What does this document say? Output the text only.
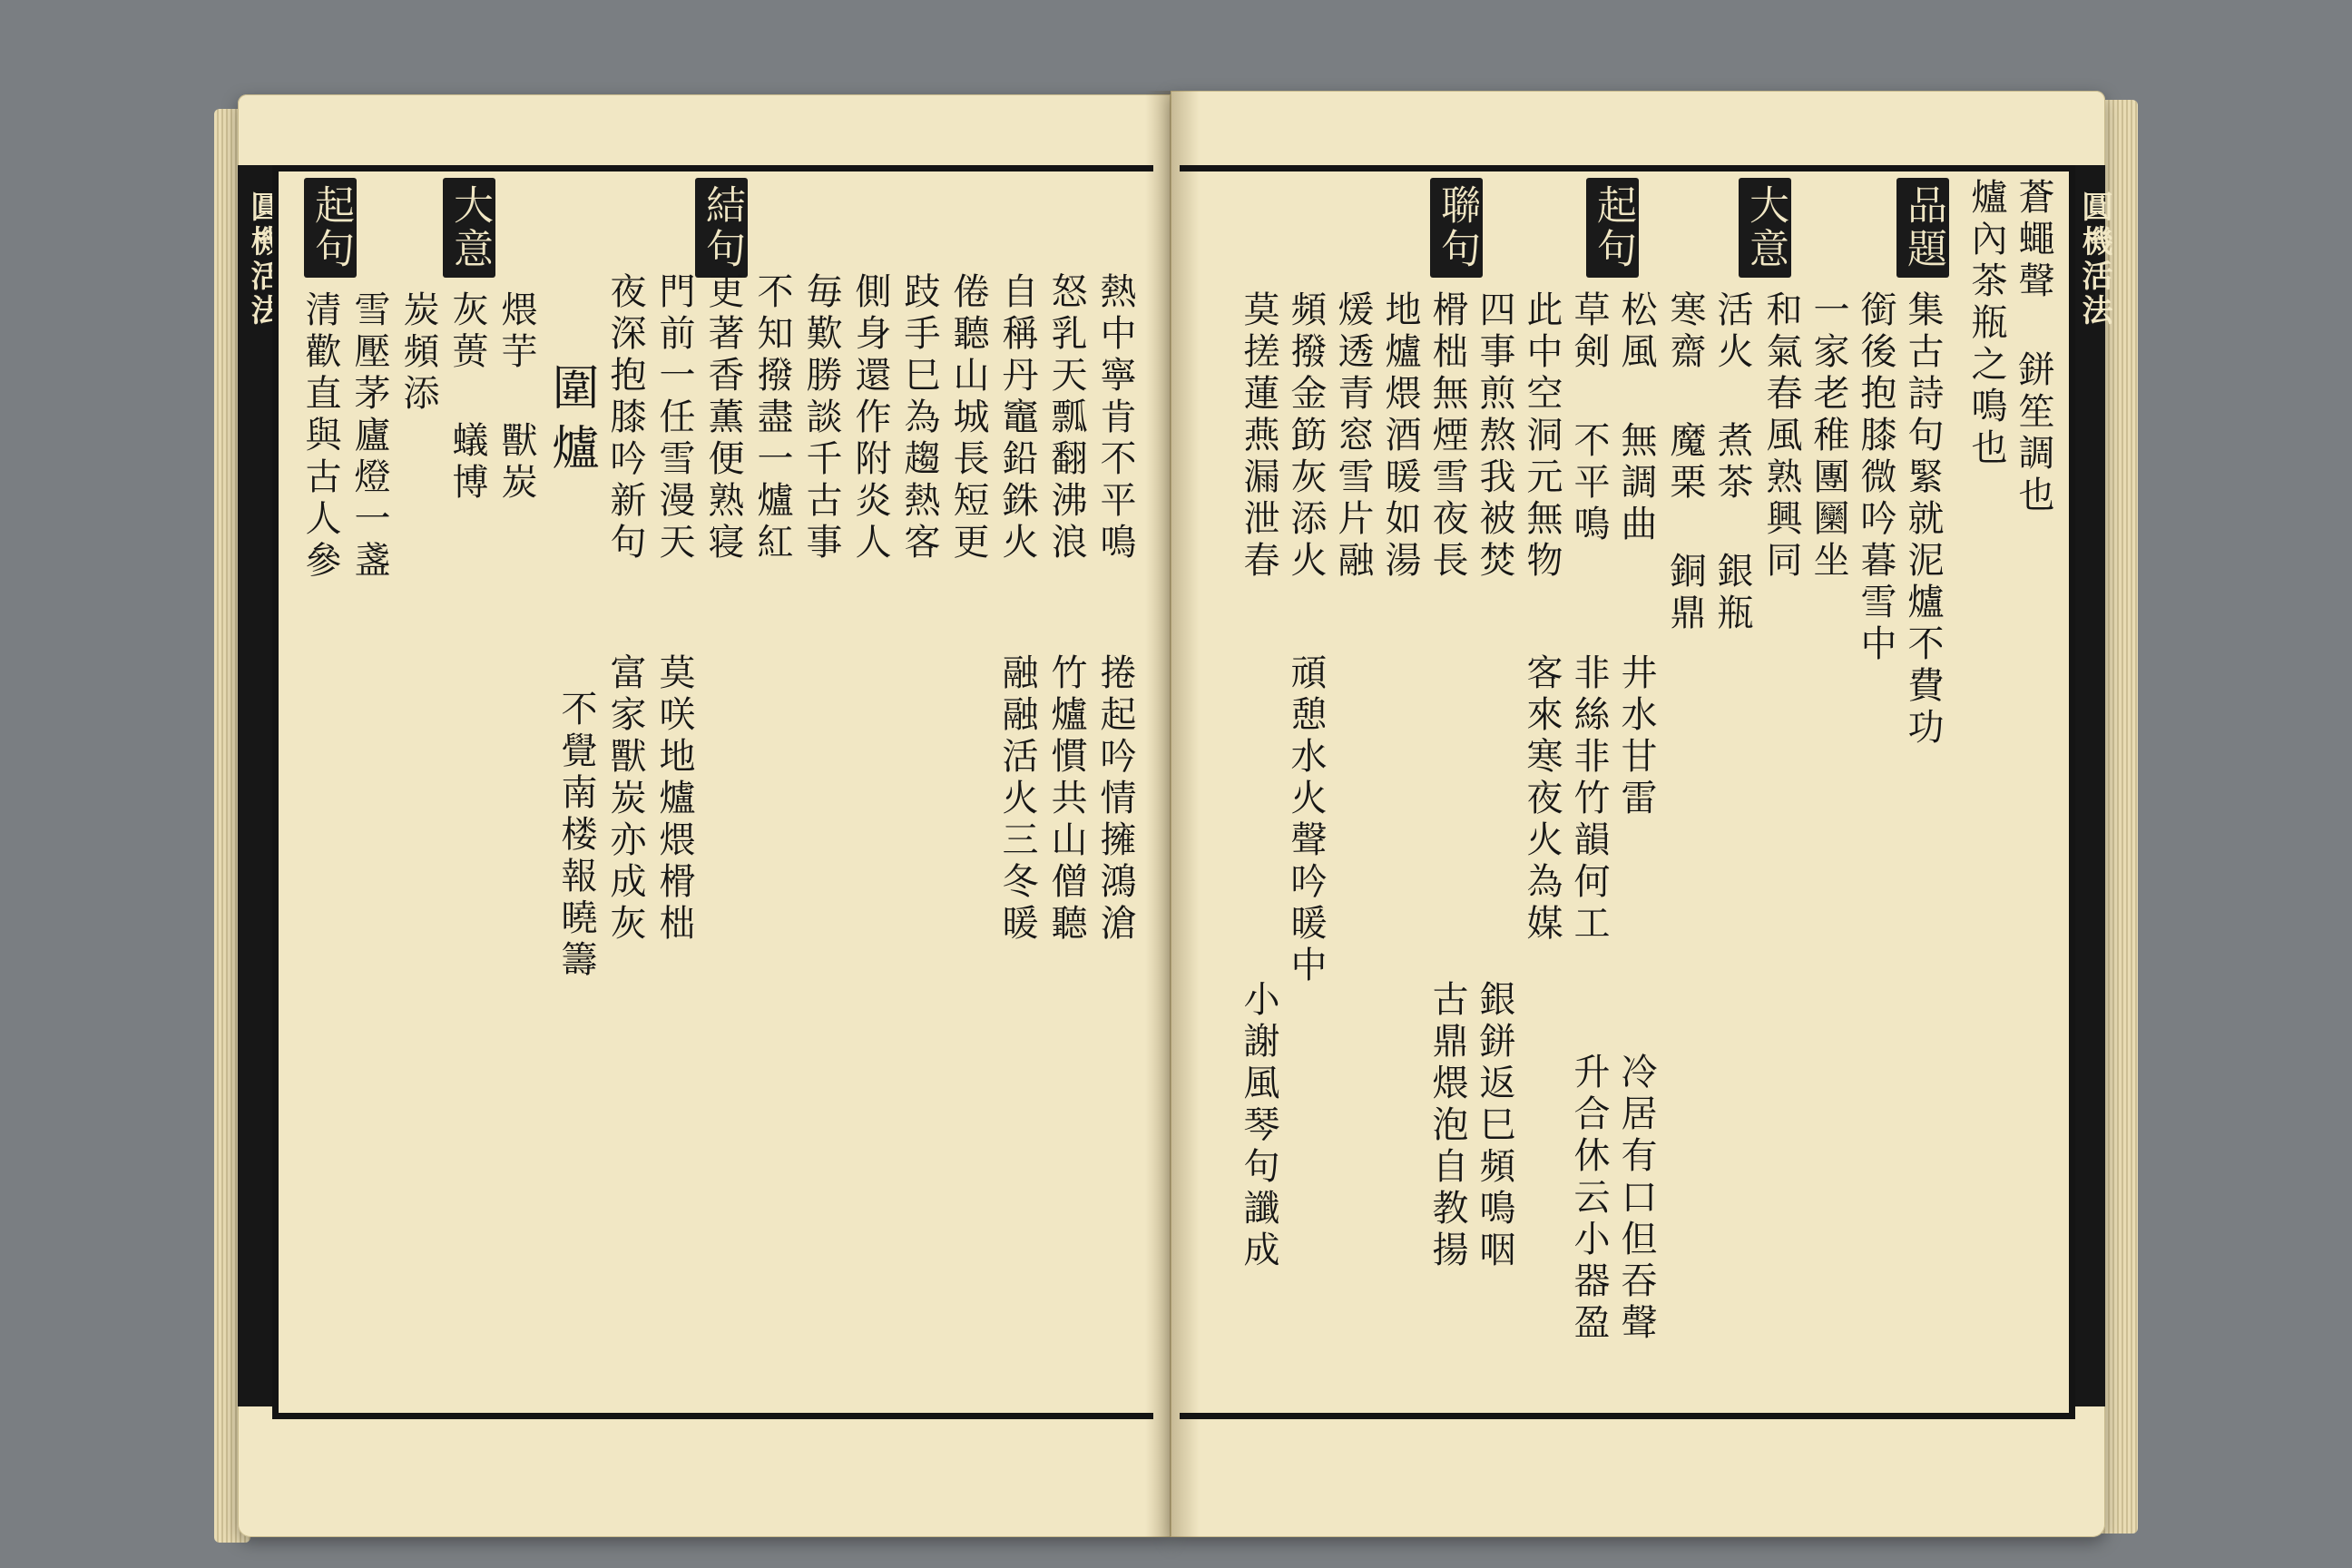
圓機活法	圓機活法
起句 大意	結句
圍爐	熱中寧肯不平鳴
怒乳天瓢翻沸浪
自稱丹竈鉛銖火
倦聽山城長短更
跂手巳為趨熱客
側身還作附炎人
毎歎勝談千古事
不知撥盡一爐紅
更著香薫便熟寝
門前一任雪漫天
夜深抱膝吟新句
不覺南楼報曉籌
煨芋 獸炭
灰蒉 蟻博
炭頻添
雪壓茅廬燈一盞
清歡直與古人參
富家獸炭亦成灰 莫咲地爐煨榾柮	捲起吟情擁鴻滄
竹爐慣共山僧聽
融融活火三冬暖
品題
大意
起句
聯句	蒼蠅聲 鉼笙調也
爐內茶瓶之鳴也
集古詩句緊就泥爐不費功
銜後抱膝微吟暮雪中
一家老稚團圞坐
和氣春風熟興同
活火 煮茶 銀瓶
寒齋 魔栗 銅鼎
松風 無調曲
草剣 不平鳴
此中空洞元無物
四事煎熬我被焚
榾柮無煙雪夜長
地爐煨酒暖如湯
煖透青窓雪片融
頻撥金筯灰添火
莫搓蓮燕漏泄春
井水甘雷
非絲非竹韻何工
客來寒夜火為媒
頑憩水火聲吟暖中
銀鉼返巳頻鳴咽
古鼎煨泡自教揚	冷居有口但吞聲
升合休云小器盈
小謝風琴句讖成
